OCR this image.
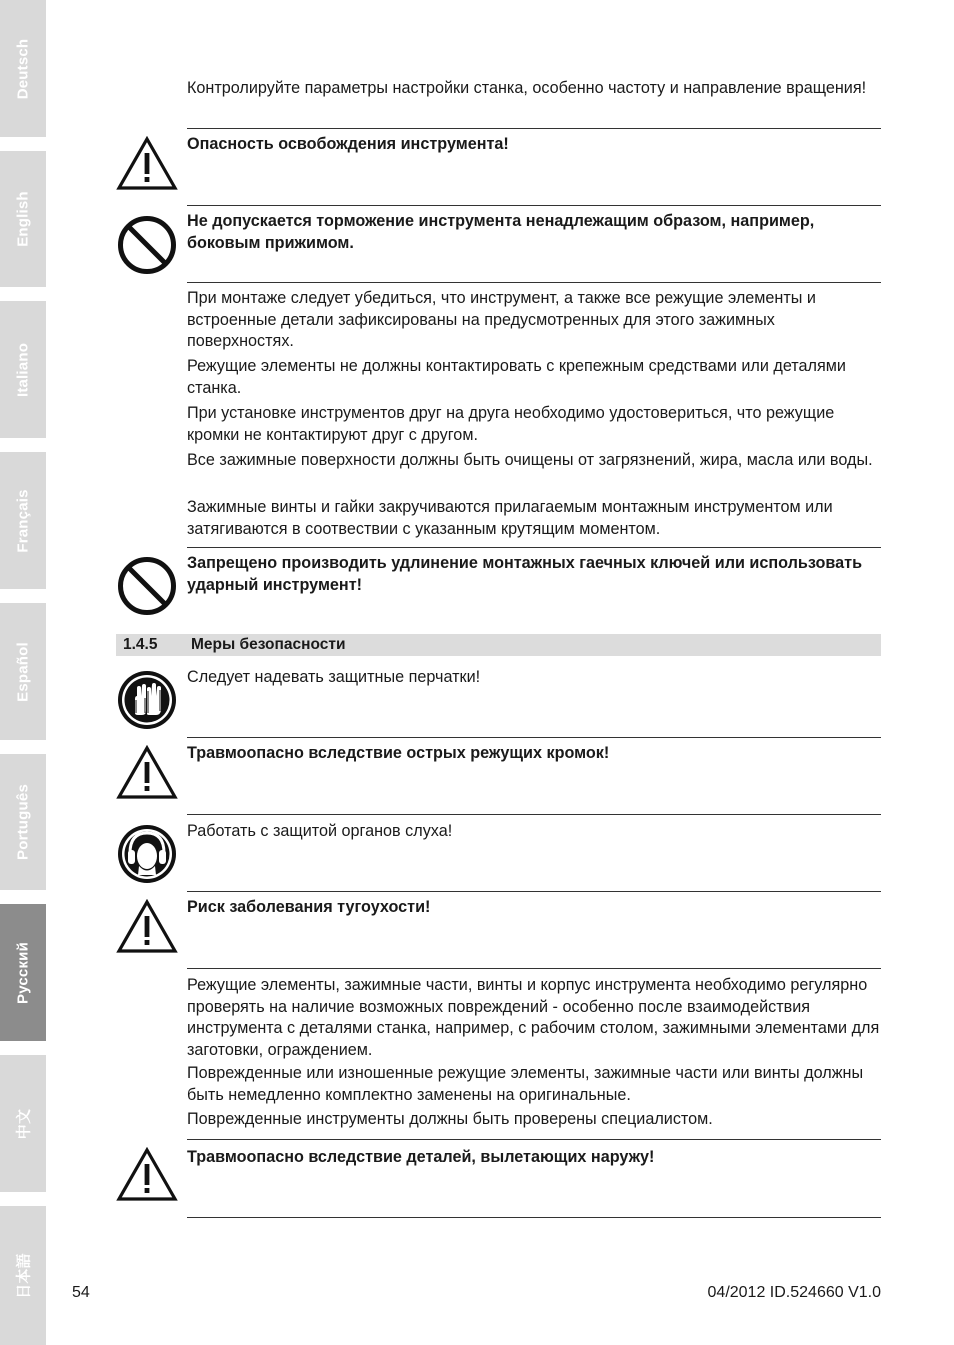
Deutsch
English
Italiano
Français
Español
Português
Русский
中文
日本語
Контролируйте параметры настройки станка, особенно частоту и направление вращения!
Опасность освобождения инструмента!
Не допускается торможение инструмента ненадлежащим образом, например, боковым прижимом.
При монтаже следует убедиться, что инструмент, а также все режущие элементы и встроенные детали зафиксированы на предусмотренных для этого зажимных поверхностях.
Режущие элементы не должны контактировать с крепежным средствами или деталями станка.
При установке инструментов друг на друга необходимо удостовериться, что режущие кромки не контактируют друг с другом.
Все зажимные поверхности должны быть очищены от загрязнений, жира, масла или воды.
Зажимные винты и гайки закручиваются прилагаемым монтажным инструментом или затягиваются в соотвествии с указанным крутящим моментом.
Запрещено производить удлинение монтажных гаечных ключей или использовать ударный инструмент!
1.4.5 Меры безопасности
Следует надевать защитные перчатки!
Травмоопасно вследствие острых режущих кромок!
Работать с защитой органов слуха!
Риск заболевания тугоухости!
Режущие элементы, зажимные части, винты и корпус инструмента необходимо регулярно проверять на наличие возможных повреждений - особенно после взаимодействия инструмента с деталями станка, например, с рабочим столом, зажимными элементами для заготовки, ограждением.
Поврежденные или изношенные режущие элементы, зажимные части или винты должны быть немедленно комплектно заменены на оригинальные.
Поврежденные инструменты должны быть проверены специалистом.
Травмоопасно вследствие деталей, вылетающих наружу!
54	04/2012 ID.524660 V1.0
